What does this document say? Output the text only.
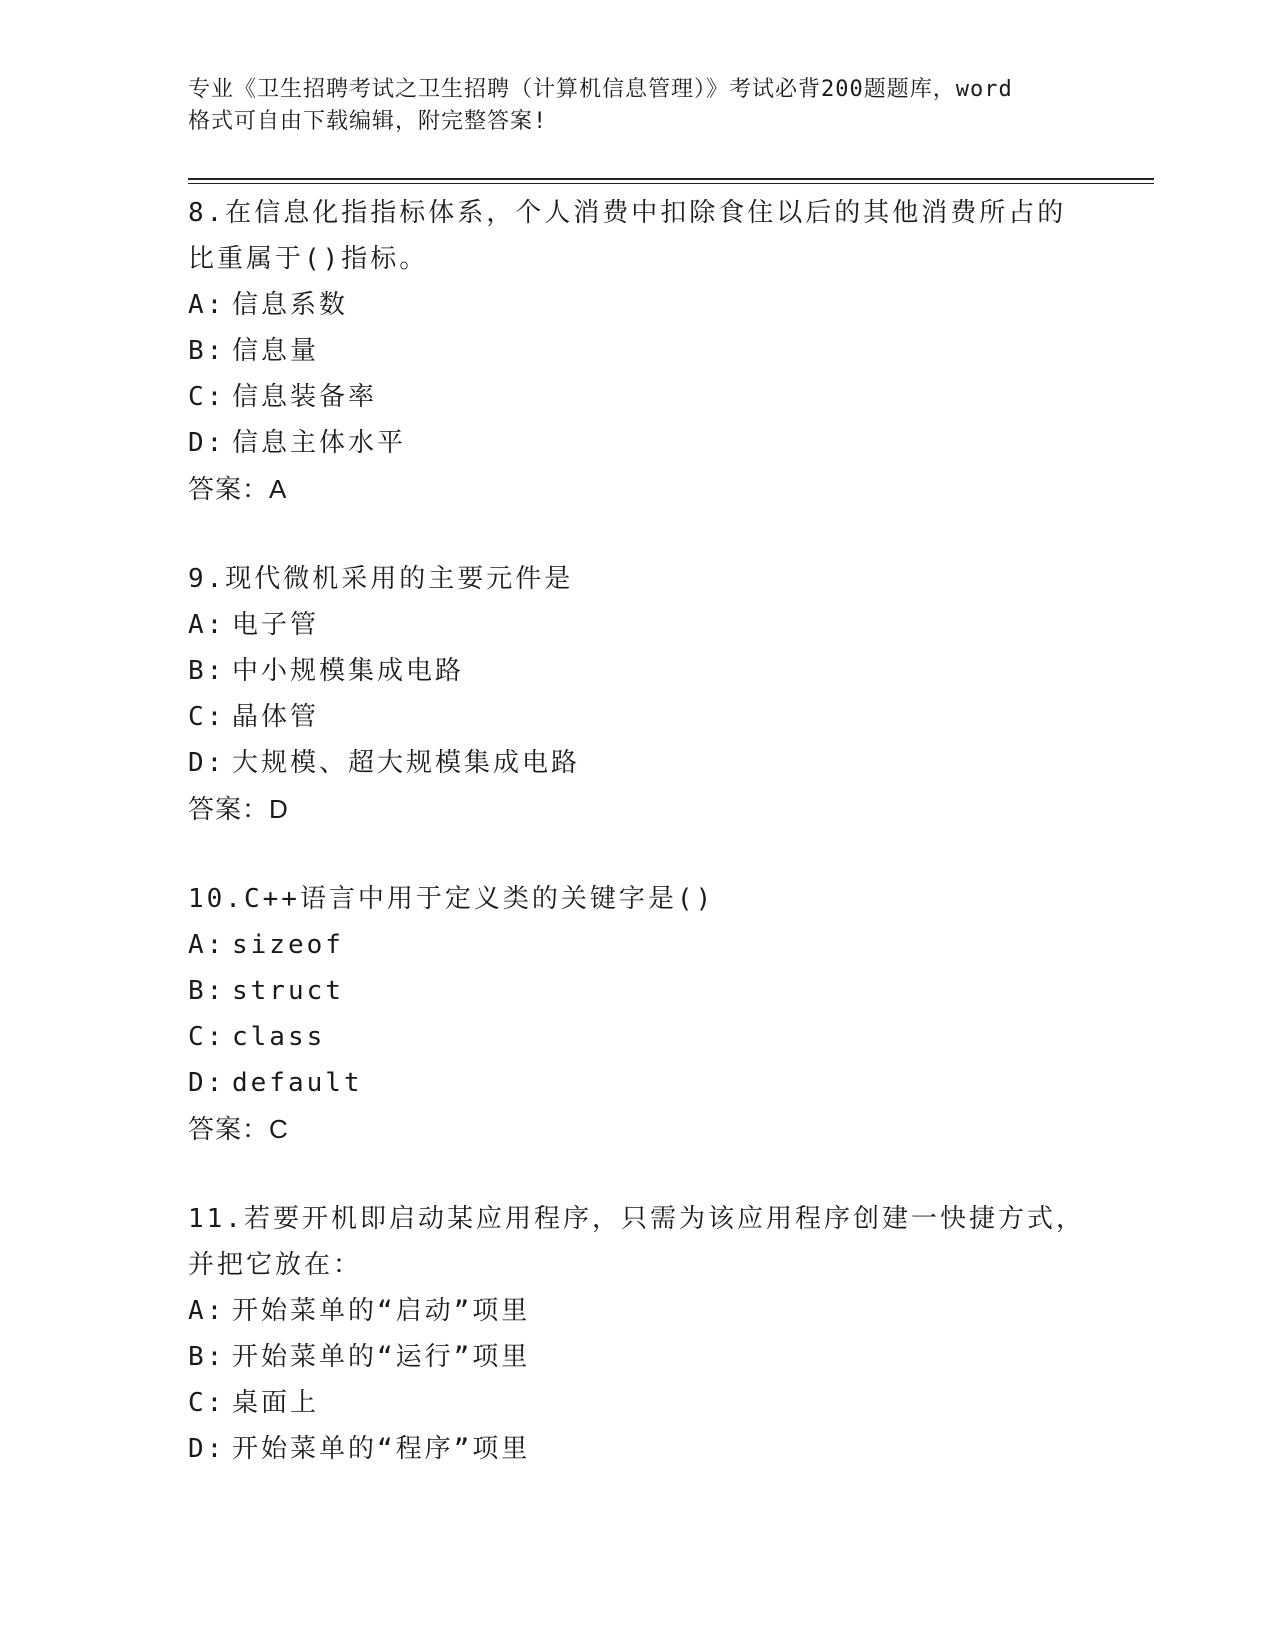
专业《卫生招聘考试之卫生招聘（计算机信息管理）》考试必背200题题库，word
格式可自由下载编辑，附完整答案!
8.在信息化指指标体系，个人消费中扣除食住以后的其他消费所占的
比重属于()指标。
A: 信息系数
B: 信息量
C: 信息装备率
D: 信息主体水平
答案：A
9.现代微机采用的主要元件是
A: 电子管
B: 中小规模集成电路
C: 晶体管
D: 大规模、超大规模集成电路
答案：D
10.C++语言中用于定义类的关键字是()
A: sizeof
B: struct
C: class
D: default
答案：C
11.若要开机即启动某应用程序，只需为该应用程序创建一快捷方式，
并把它放在：
A: 开始菜单的“启动”项里
B: 开始菜单的“运行”项里
C: 桌面上
D: 开始菜单的“程序”项里
